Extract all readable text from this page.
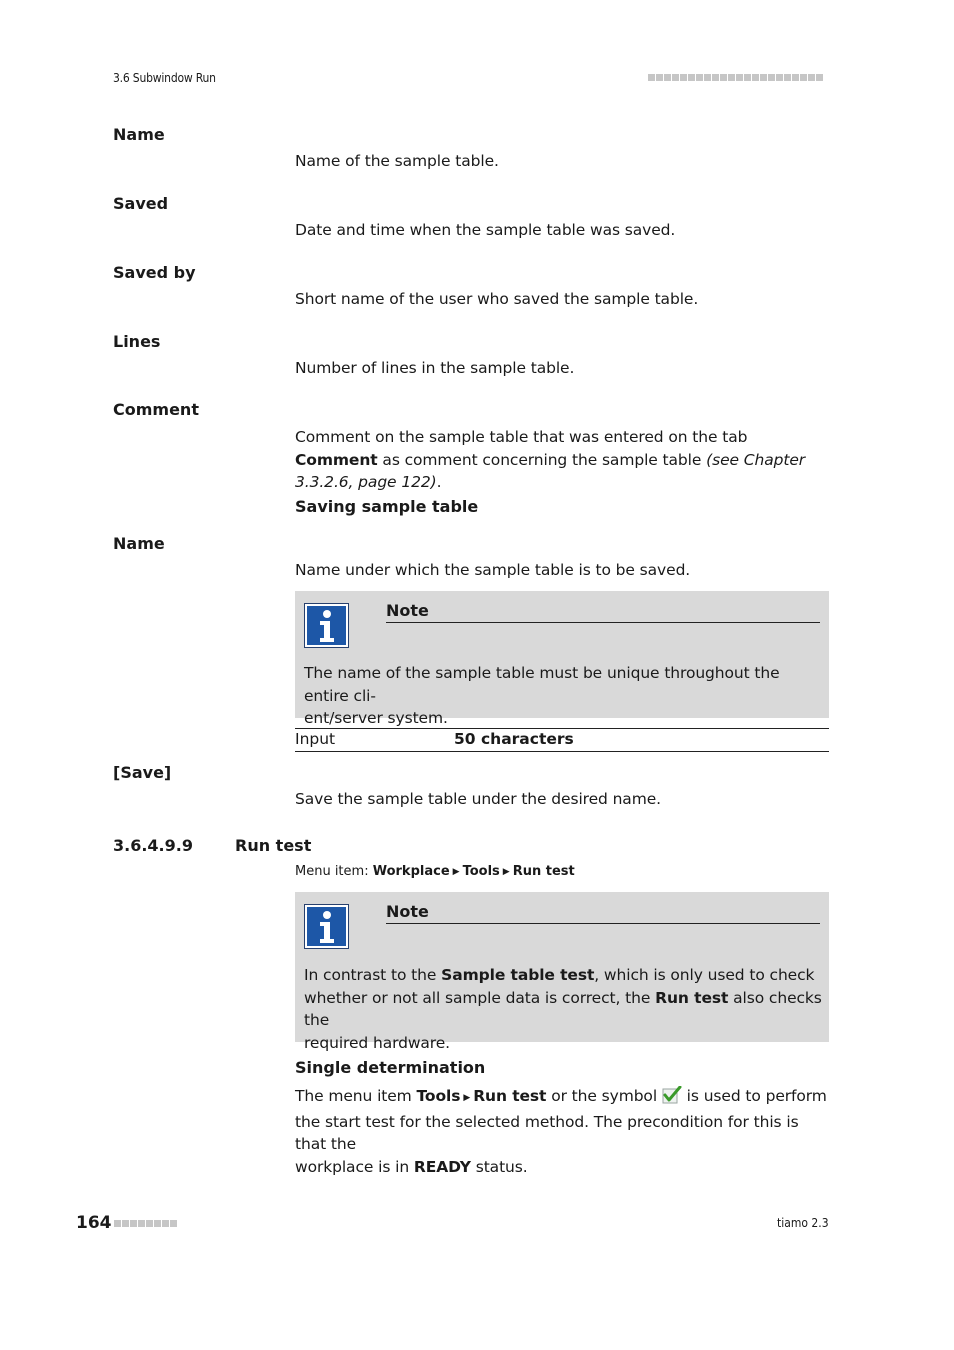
3.6 Subwindow Run
Name
Name of the sample table.
Saved
Date and time when the sample table was saved.
Saved by
Short name of the user who saved the sample table.
Lines
Number of lines in the sample table.
Comment
Comment on the sample table that was entered on the tab Comment as comment concerning the sample table (see Chapter 3.3.2.6, page 122).
Saving sample table
Name
Name under which the sample table is to be saved.
Note
The name of the sample table must be unique throughout the entire cli-
ent/server system.
Input	50 characters
[Save]
Save the sample table under the desired name.
3.6.4.9.9	Run test
Menu item: Workplace ▶ Tools ▶ Run test
Note
In contrast to the Sample table test, which is only used to check
whether or not all sample data is correct, the Run test also checks the
required hardware.
Single determination
The menu item Tools ▶ Run test or the symbol  is used to perform
the start test for the selected method. The precondition for this is that the
workplace is in READY status.
164	tiamo 2.3
